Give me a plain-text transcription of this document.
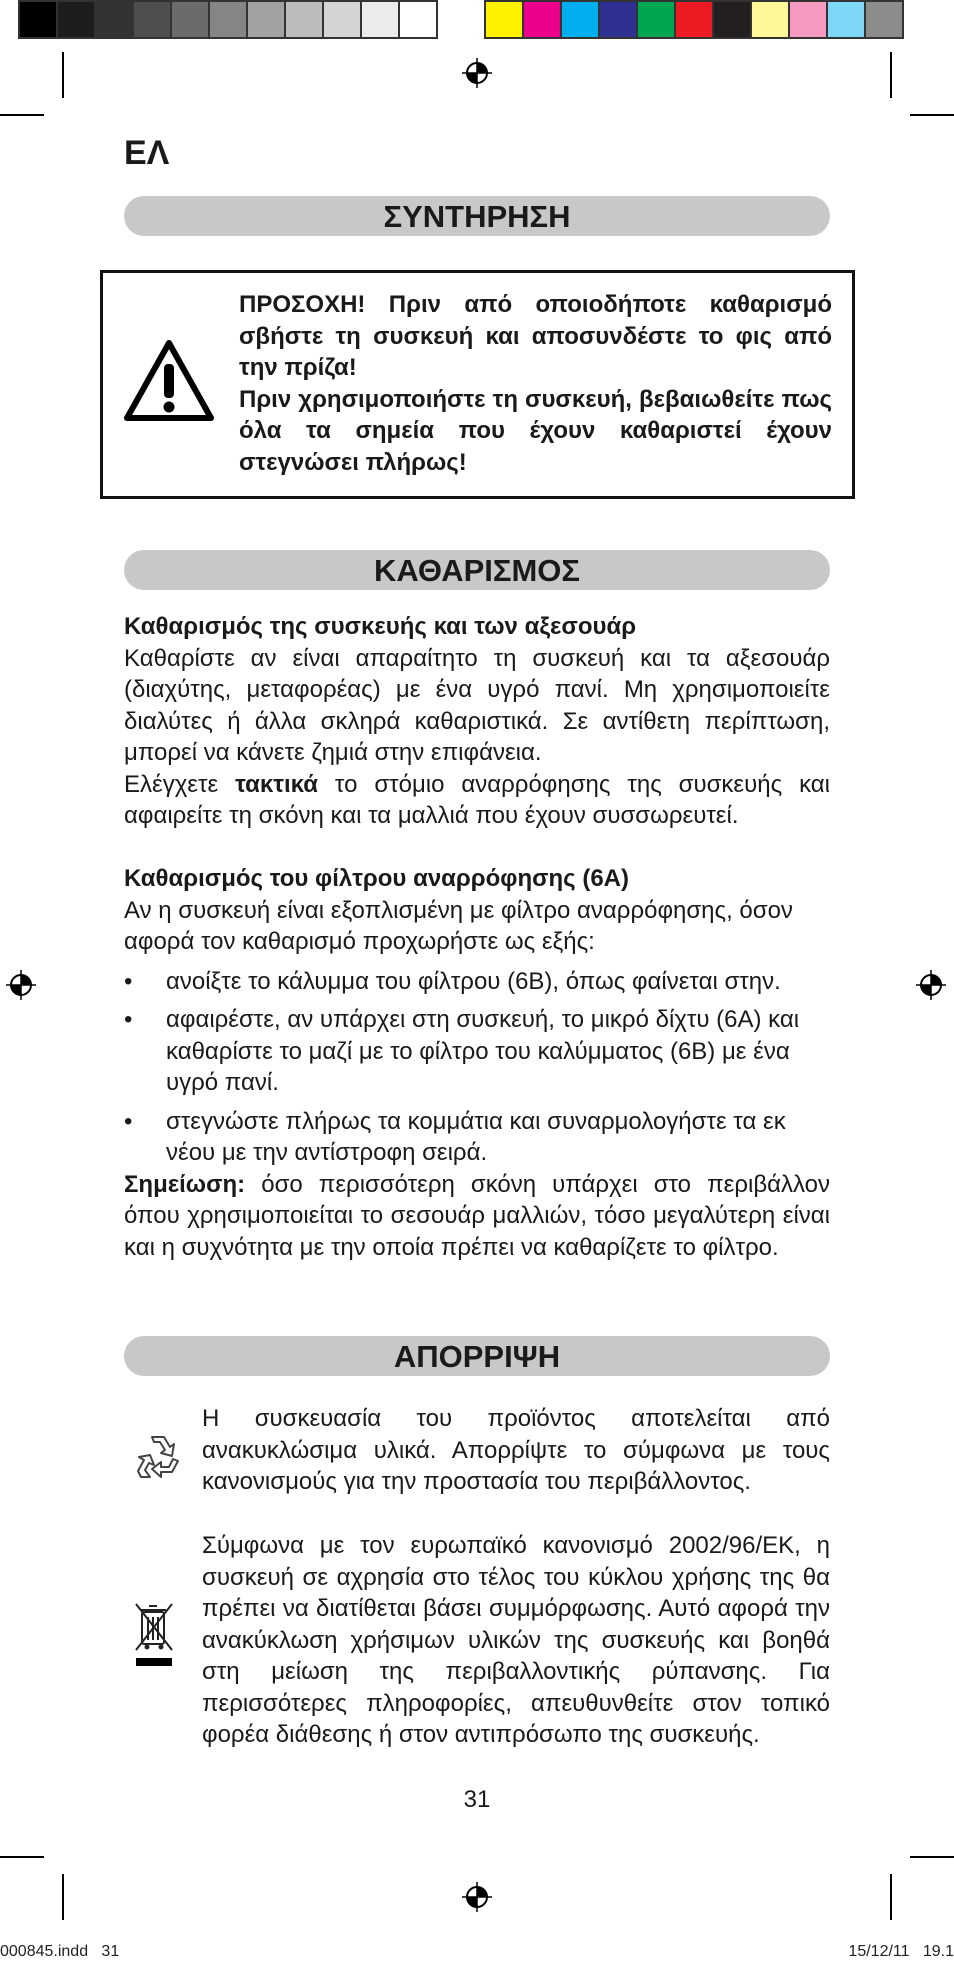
ΕΛ
ΣΥΝΤΗΡΗΣΗ

ΠΡΟΣΟΧΗ! Πριν από οποιοδήποτε καθαρισμό σβήστε τη συσκευή και αποσυνδέστε το φις από την πρίζα!

Πριν χρησιμοποιήστε τη συσκευή, βεβαιωθείτε πως όλα τα σημεία που έχουν καθαριστεί έχουν στεγνώσει πλήρως!

ΚΑΘΑΡΙΣΜΟΣ
Καθαρισμός της συσκευής και των αξεσουάρ

Καθαρίστε αν είναι απαραίτητο τη συσκευή και τα αξεσουάρ (διαχύτης, μεταφορέας) με ένα υγρό πανί. Μη χρησιμοποιείτε διαλύτες ή άλλα σκληρά καθαριστικά. Σε αντίθετη περίπτωση, μπορεί να κάνετε ζημιά στην επιφάνεια.

Ελέγχετε τακτικά το στόμιο αναρρόφησης της συσκευής και αφαιρείτε τη σκόνη και τα μαλλιά που έχουν συσσωρευτεί.

Καθαρισμός του φίλτρου αναρρόφησης (6A)

Αν η συσκευή είναι εξοπλισμένη με φίλτρο αναρρόφησης, όσον αφορά τον καθαρισμό προχωρήστε ως εξής:

• ανοίξτε το κάλυμμα του φίλτρου (6B), όπως φαίνεται στην.
• αφαιρέστε, αν υπάρχει στη συσκευή, το μικρό δίχτυ (6A) και καθαρίστε το μαζί με το φίλτρο του καλύμματος (6B) με ένα υγρό πανί.
• στεγνώστε πλήρως τα κομμάτια και συναρμολογήστε τα εκ νέου με την αντίστροφη σειρά.

Σημείωση: όσο περισσότερη σκόνη υπάρχει στο περιβάλλον όπου χρησιμοποιείται το σεσουάρ μαλλιών, τόσο μεγαλύτερη είναι και η συχνότητα με την οποία πρέπει να καθαρίζετε το φίλτρο.

ΑΠΟΡΡΙΨΗ

Η συσκευασία του προϊόντος αποτελείται από ανακυκλώσιμα υλικά. Απορρίψτε το σύμφωνα με τους κανονισμούς για την προστασία του περιβάλλοντος.

Σύμφωνα με τον ευρωπαϊκό κανονισμό 2002/96/ΕΚ, η συσκευή σε αχρησία στο τέλος του κύκλου χρήσης της θα πρέπει να διατίθεται βάσει συμμόρφωσης. Αυτό αφορά την ανακύκλωση χρήσιμων υλικών της συσκευής και βοηθά στη μείωση της περιβαλλοντικής ρύπανσης. Για περισσότερες πληροφορίες, απευθυνθείτε στον τοπικό φορέα διάθεσης ή στον αντιπρόσωπο της συσκευής.

31
000845.indd   31	15/12/11   19.1
